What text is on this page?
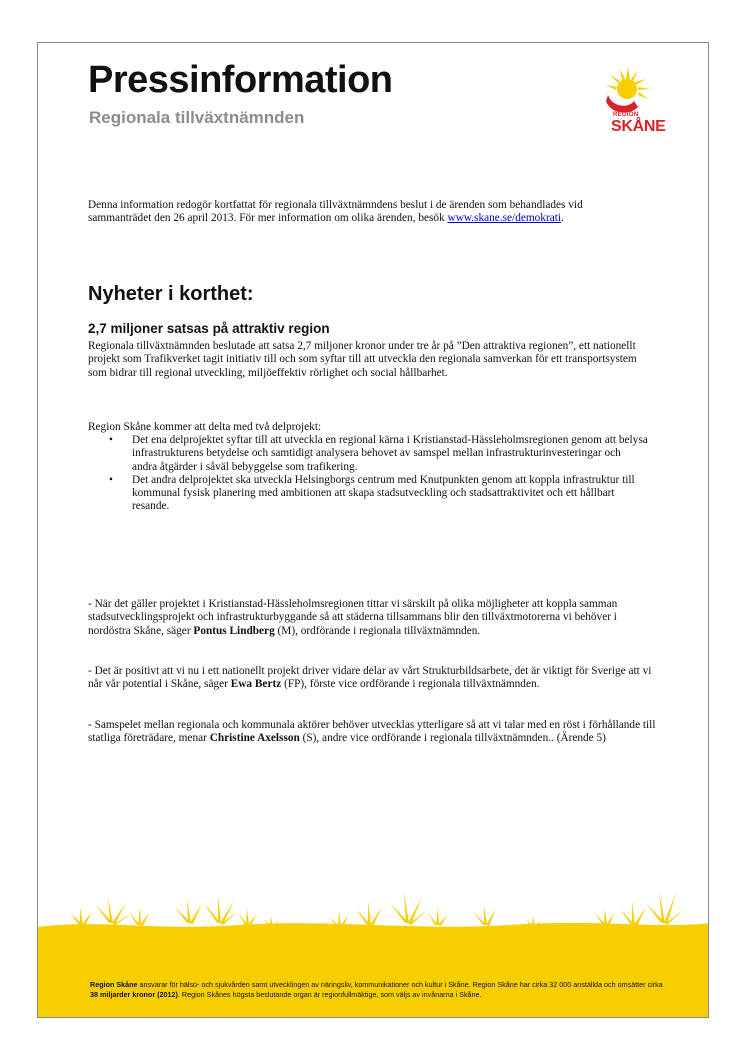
Pressinformation
Regionala tillväxtnämnden	REGION
SKÅNE

Denna information redogör kortfattat för regionala tillväxtnämndens beslut i de ärenden som behandlades vid sammanträdet den 26 april 2013. För mer information om olika ärenden, besök www.skane.se/demokrati.

Nyheter i korthet:
2,7 miljoner satsas på attraktiv region

Regionala tillväxtnämnden beslutade att satsa 2,7 miljoner kronor under tre år på ”Den attraktiva regionen”, ett nationellt projekt som Trafikverket tagit initiativ till och som syftar till att utveckla den regionala samverkan för ett transportsystem som bidrar till regional utveckling, miljöeffektiv rörlighet och social hållbarhet.

Region Skåne kommer att delta med två delprojekt:

• Det ena delprojektet syftar till att utveckla en regional kärna i Kristianstad-Hässleholmsregionen genom att belysa infrastrukturens betydelse och samtidigt analysera behovet av samspel mellan infrastrukturinvesteringar och andra åtgärder i såväl bebyggelse som trafikering.
• Det andra delprojektet ska utveckla Helsingborgs centrum med Knutpunkten genom att koppla infrastruktur till kommunal fysisk planering med ambitionen att skapa stadsutveckling och stadsattraktivitet och ett hållbart resande.

- När det gäller projektet i Kristianstad-Hässleholmsregionen tittar vi särskilt på olika möjligheter att koppla samman stadsutvecklingsprojekt och infrastrukturbyggande så att städerna tillsammans blir den tillväxtmotorerna vi behöver i nordöstra Skåne, säger Pontus Lindberg (M), ordförande i regionala tillväxtnämnden.

- Det är positivt att vi nu i ett nationellt projekt driver vidare delar av vårt Strukturbildsarbete, det är viktigt för Sverige att vi når vår potential i Skåne, säger Ewa Bertz (FP), förste vice ordförande i regionala tillväxtnämnden.

- Samspelet mellan regionala och kommunala aktörer behöver utvecklas ytterligare så att vi talar med en röst i förhållande till statliga företrädare, menar Christine Axelsson (S), andre vice ordförande i regionala tillväxtnämnden.. (Ärende 5)

Region Skåne ansvarar för hälso- och sjukvården samt utvecklingen av näringsliv, kommunikationer och kultur i Skåne. Region Skåne har cirka 32 000 anställda och omsätter cirka 38 miljarder kronor (2012). Region Skånes högsta beslutande organ är regionfullmäktige, som väljs av invånarna i Skåne.
